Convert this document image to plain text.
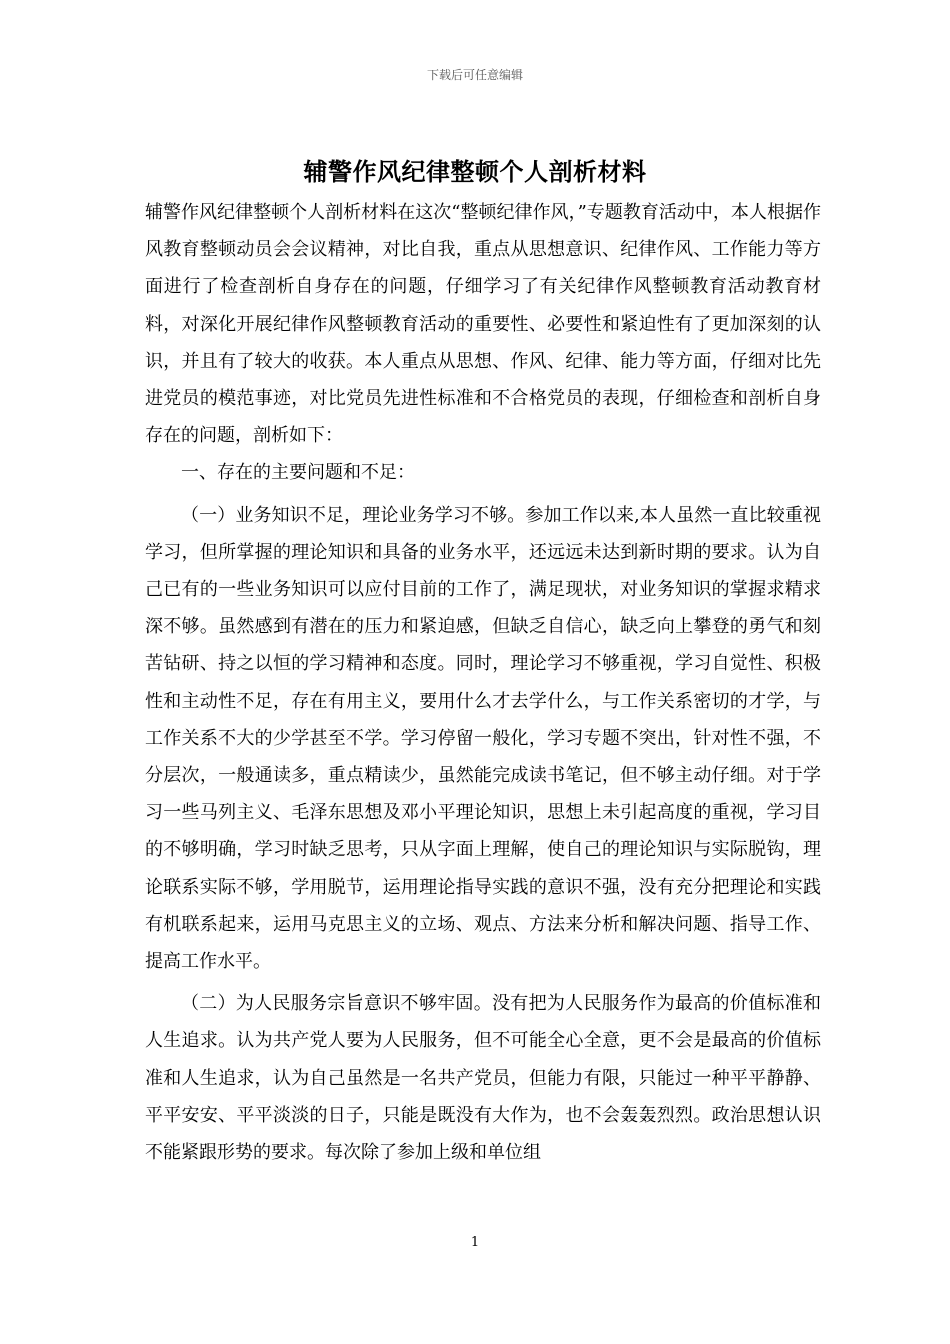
下载后可任意编辑
辅警作风纪律整顿个人剖析材料

辅警作风纪律整顿个人剖析材料在这次“整顿纪律作风，”专题教育活动中，本人根据作风教育整顿动员会会议精神，对比自我，重点从思想意识、纪律作风、工作能力等方面进行了检查剖析自身存在的问题，仔细学习了有关纪律作风整顿教育活动教育材料，对深化开展纪律作风整顿教育活动的重要性、必要性和紧迫性有了更加深刻的认识，并且有了较大的收获。本人重点从思想、作风、纪律、能力等方面，仔细对比先进党员的模范事迹，对比党员先进性标准和不合格党员的表现，仔细检查和剖析自身存在的问题，剖析如下：

一、存在的主要问题和不足：

（一）业务知识不足，理论业务学习不够。参加工作以来,本人虽然一直比较重视学习，但所掌握的理论知识和具备的业务水平，还远远未达到新时期的要求。认为自己已有的一些业务知识可以应付目前的工作了，满足现状，对业务知识的掌握求精求深不够。虽然感到有潜在的压力和紧迫感，但缺乏自信心，缺乏向上攀登的勇气和刻苦钻研、持之以恒的学习精神和态度。同时，理论学习不够重视，学习自觉性、积极性和主动性不足，存在有用主义，要用什么才去学什么，与工作关系密切的才学，与工作关系不大的少学甚至不学。学习停留一般化，学习专题不突出，针对性不强，不分层次，一般通读多，重点精读少，虽然能完成读书笔记，但不够主动仔细。对于学习一些马列主义、毛泽东思想及邓小平理论知识，思想上未引起高度的重视，学习目的不够明确，学习时缺乏思考，只从字面上理解，使自己的理论知识与实际脱钩，理论联系实际不够，学用脱节，运用理论指导实践的意识不强，没有充分把理论和实践有机联系起来，运用马克思主义的立场、观点、方法来分析和解决问题、指导工作、提高工作水平。

（二）为人民服务宗旨意识不够牢固。没有把为人民服务作为最高的价值标准和人生追求。认为共产党人要为人民服务，但不可能全心全意，更不会是最高的价值标准和人生追求，认为自己虽然是一名共产党员，但能力有限，只能过一种平平静静、平平安安、平平淡淡的日子，只能是既没有大作为，也不会轰轰烈烈。政治思想认识不能紧跟形势的要求。每次除了参加上级和单位组

1
